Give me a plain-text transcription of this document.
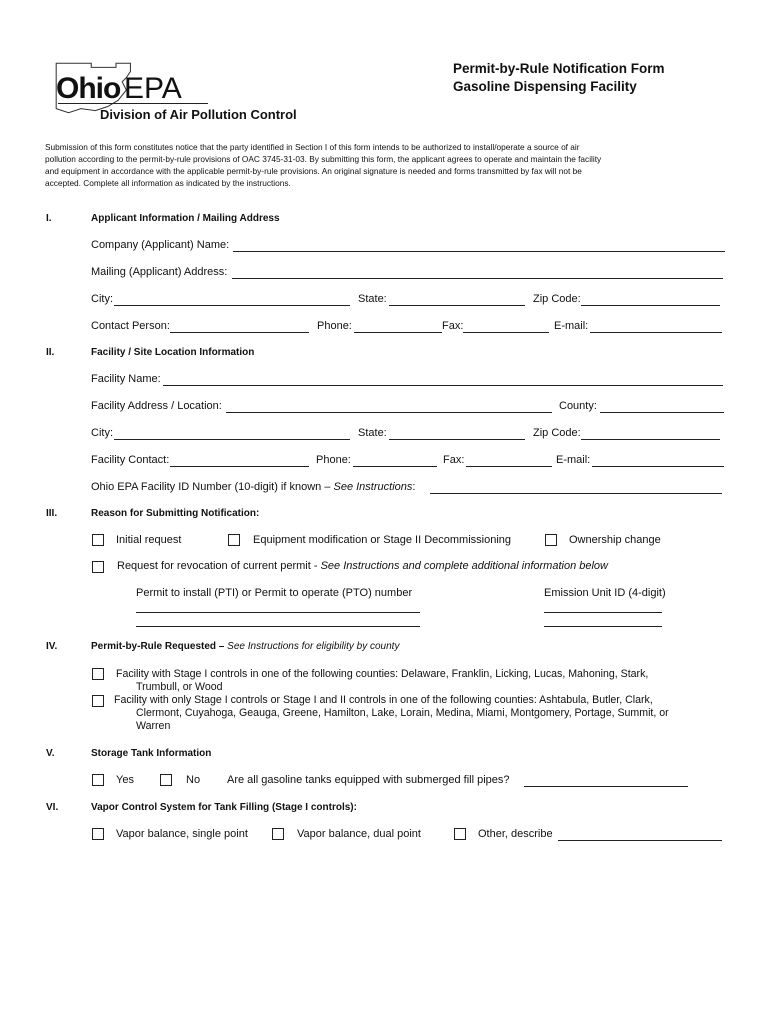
Ohio EPA
Division of Air Pollution Control
Permit-by-Rule Notification Form
Gasoline Dispensing Facility
Submission of this form constitutes notice that the party identified in Section I of this form intends to be authorized to install/operate a source of air
pollution according to the permit-by-rule provisions of OAC 3745-31-03. By submitting this form, the applicant agrees to operate and maintain the facility
and equipment in accordance with the applicable permit-by-rule provisions. An original signature is needed and forms transmitted by fax will not be
accepted. Complete all information as indicated by the instructions.
I.	Applicant Information / Mailing Address
Company (Applicant) Name:
Mailing (Applicant) Address:
City:	State:	Zip Code:
Contact Person:	Phone:	Fax:	E-mail:
II.	Facility / Site Location Information
Facility Name:
Facility Address / Location:	County:
City:	State:	Zip Code:
Facility Contact:	Phone:	Fax:	E-mail:
Ohio EPA Facility ID Number (10-digit) if known – See Instructions:
III.	Reason for Submitting Notification:
Initial request	Equipment modification or Stage II Decommissioning	Ownership change
Request for revocation of current permit - See Instructions and complete additional information below
Permit to install (PTI) or Permit to operate (PTO) number	Emission Unit ID (4-digit)
IV.	Permit-by-Rule Requested – See Instructions for eligibility by county
Facility with Stage I controls in one of the following counties: Delaware, Franklin, Licking, Lucas, Mahoning, Stark,
Trumbull, or Wood
Facility with only Stage I controls or Stage I and II controls in one of the following counties: Ashtabula, Butler, Clark,
Clermont, Cuyahoga, Geauga, Greene, Hamilton, Lake, Lorain, Medina, Miami, Montgomery, Portage, Summit, or
Warren
V.	Storage Tank Information
Yes	No Are all gasoline tanks equipped with submerged fill pipes?
VI.	Vapor Control System for Tank Filling (Stage I controls):
Vapor balance, single point	Vapor balance, dual point	Other, describe
